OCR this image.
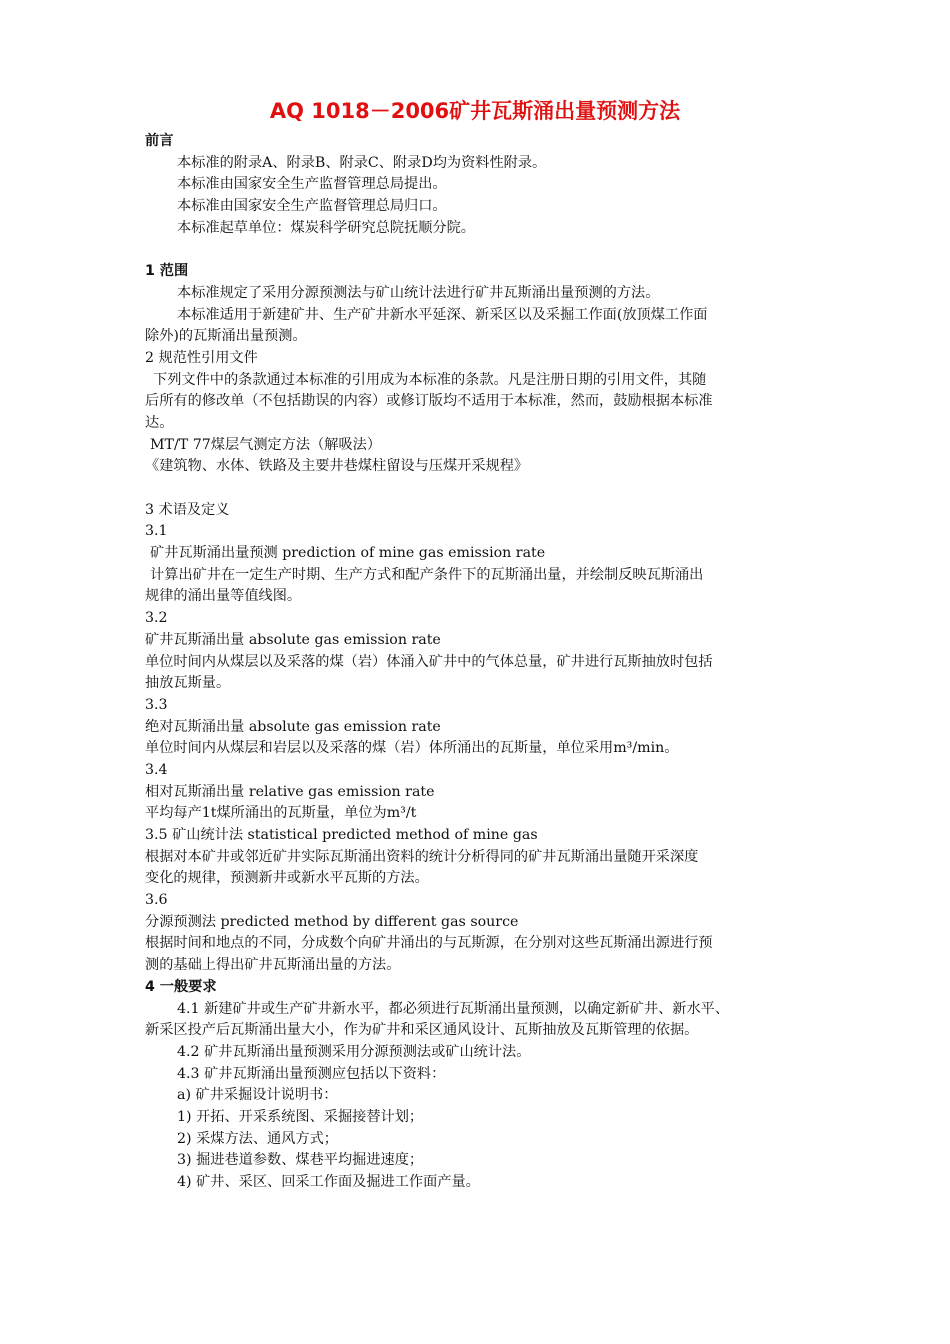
AQ 1018－2006矿井瓦斯涌出量预测方法
前言
本标准的附录A、附录B、附录C、附录D均为资料性附录。
本标准由国家安全生产监督管理总局提出。
本标准由国家安全生产监督管理总局归口。
本标准起草单位：煤炭科学研究总院抚顺分院。
1 范围
本标准规定了采用分源预测法与矿山统计法进行矿井瓦斯涌出量预测的方法。
本标准适用于新建矿井、生产矿井新水平延深、新采区以及采掘工作面(放顶煤工作面
除外)的瓦斯涌出量预测。
2 规范性引用文件
下列文件中的条款通过本标准的引用成为本标准的条款。凡是注册日期的引用文件，其随
后所有的修改单（不包括勘误的内容）或修订版均不适用于本标准，然而，鼓励根据本标准
达。
MT/T 77煤层气测定方法（解吸法）
《建筑物、水体、铁路及主要井巷煤柱留设与压煤开采规程》
3 术语及定义
3.1
矿井瓦斯涌出量预测 prediction of mine gas emission rate
计算出矿井在一定生产时期、生产方式和配产条件下的瓦斯涌出量，并绘制反映瓦斯涌出
规律的涌出量等值线图。
3.2
矿井瓦斯涌出量 absolute gas emission rate
单位时间内从煤层以及采落的煤（岩）体涌入矿井中的气体总量，矿井进行瓦斯抽放时包括
抽放瓦斯量。
3.3
绝对瓦斯涌出量 absolute gas emission rate
单位时间内从煤层和岩层以及采落的煤（岩）体所涌出的瓦斯量，单位采用m³/min。
3.4
相对瓦斯涌出量 relative gas emission rate
平均每产1t煤所涌出的瓦斯量，单位为m³/t
3.5 矿山统计法 statistical predicted method of mine gas
根据对本矿井或邻近矿井实际瓦斯涌出资料的统计分析得同的矿井瓦斯涌出量随开采深度
变化的规律，预测新井或新水平瓦斯的方法。
3.6
分源预测法 predicted method by different gas source
根据时间和地点的不同，分成数个向矿井涌出的与瓦斯源，在分别对这些瓦斯涌出源进行预
测的基础上得出矿井瓦斯涌出量的方法。
4 一般要求
4.1 新建矿井或生产矿井新水平，都必须进行瓦斯涌出量预测，以确定新矿井、新水平、
新采区投产后瓦斯涌出量大小，作为矿井和采区通风设计、瓦斯抽放及瓦斯管理的依据。
4.2 矿井瓦斯涌出量预测采用分源预测法或矿山统计法。
4.3 矿井瓦斯涌出量预测应包括以下资料：
a) 矿井采掘设计说明书：
1) 开拓、开采系统图、采掘接替计划；
2) 采煤方法、通风方式；
3) 掘进巷道参数、煤巷平均掘进速度；
4) 矿井、采区、回采工作面及掘进工作面产量。
